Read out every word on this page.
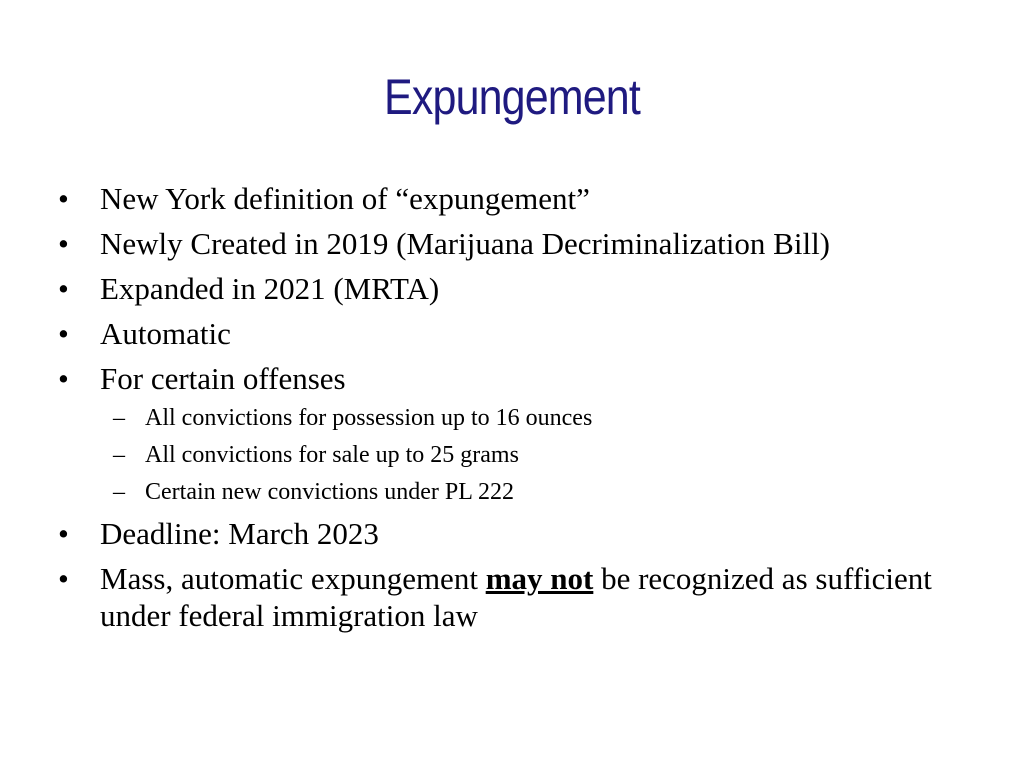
Expungement
• New York definition of “expungement”
• Newly Created in 2019 (Marijuana Decriminalization Bill)
• Expanded in 2021 (MRTA)
• Automatic
• For certain offenses
– All convictions for possession up to 16 ounces
– All convictions for sale up to 25 grams
– Certain new convictions under PL 222
• Deadline: March 2023
• Mass, automatic expungement may not be recognized as sufficient under federal immigration law
